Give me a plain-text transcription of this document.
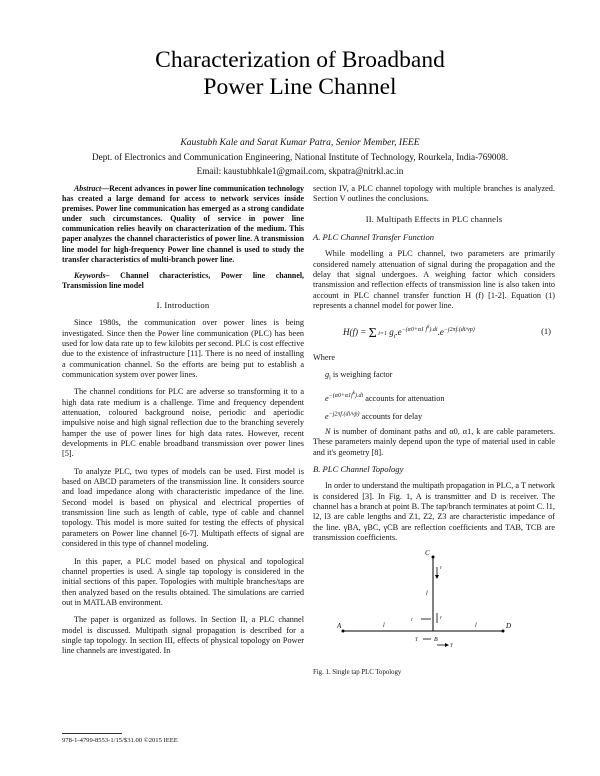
Characterization of Broadband
Power Line Channel
Kaustubh Kale and Sarat Kumar Patra, Senior Member, IEEE
Dept. of Electronics and Communication Engineering, National Institute of Technology, Rourkela, India-769008.
Email: kaustubhkale1@gmail.com, skpatra@nitrkl.ac.in

Abstract—Recent advances in power line communication technology has created a large demand for access to network services inside premises. Power line communication has emerged as a strong candidate under such circumstances. Quality of service in power line communication relies heavily on characterization of the medium. This paper analyzes the channel characteristics of power line. A transmission line model for high-frequency Power line channel is used to study the transfer characteristics of multi-branch power line.

Keywords– Channel characteristics, Power line channel, Transmission line model

I. Introduction

Since 1980s, the communication over power lines is being investigated. Since then the Power line communication (PLC) has been used for low data rate up to few kilobits per second. PLC is cost effective due to the existence of infrastructure [11]. There is no need of installing a communication channel. So the efforts are being put to establish a communication system over power lines.

The channel conditions for PLC are adverse so transforming it to a high data rate medium is a challenge. Time and frequency dependent attenuation, coloured background noise, periodic and aperiodic impulsive noise and high signal reflection due to the branching severely hamper the use of power lines for high data rates. However, recent developments in PLC enable broadband transmission over power lines [5].

To analyze PLC, two types of models can be used. First model is based on ABCD parameters of the transmission line. It considers source and load impedance along with characteristic impedance of the line. Second model is based on physical and electrical properties of transmission line such as length of cable, type of cable and channel topology. This model is more suited for testing the effects of physical parameters on Power line channel [6-7]. Multipath effects of signal are considered in this type of channel modeling.

In this paper, a PLC model based on physical and topological channel properties is used. A single tap topology is considered in the initial sections of this paper. Topologies with multiple branches/taps are then analyzed based on the results obtained. The simulations are carried out in MATLAB environment.

The paper is organized as follows. In Section II, a PLC channel model is discussed. Multipath signal propagation is described for a single tap topology. In section III, effects of physical topology on Power line channels are investigated. In

section IV, a PLC channel topology with multiple branches is analyzed. Section V outlines the conclusions.

II. Multipath Effects in PLC channels
A. PLC Channel Transfer Function

While modelling a PLC channel, two parameters are primarily considered namely attenuation of signal during the propagation and the delay that signal undergoes. A weighing factor which considers transmission and reflection effects of transmission line is also taken into account in PLC channel transfer function H (f) [1-2]. Equation (1) represents a channel model for power line.

H(f) = Σ i=1 $g_i.e^{-(\alpha 0+\alpha 1 f^k).di}.e^{-j2\pi f.(di/vp)}$	(1)
Where
$g_i$ is weighing factor
$e^{-(\alpha 0+\alpha 1f^k).di}$ accounts for attenuation
$e^{-j2\pi f.(di/vp)}$ accounts for delay

N is number of dominant paths and α0, α1, k are cable parameters. These parameters mainly depend upon the type of material used in cable and it's geometry [8].

B. PLC Channel Topology

In order to understand the multipath propagation in PLC, a T network is considered [3]. In Fig. 1, A is transmitter and D is receiver. The channel has a branch at point B. The tap/branch terminates at point C. l1, l2, l3 are cable lengths and Z1, Z2, Z3 are characteristic impedance of the line. γBA, γBC, γCB are reflection coefficients and TAB, TCB are transmission coefficients.

C
A	D
B
l
l	l
r
r	r
T
T
Fig. 1. Single tap PLC Topology
978-1-4799-8553-1/15/$31.00 ©2015 IEEE
